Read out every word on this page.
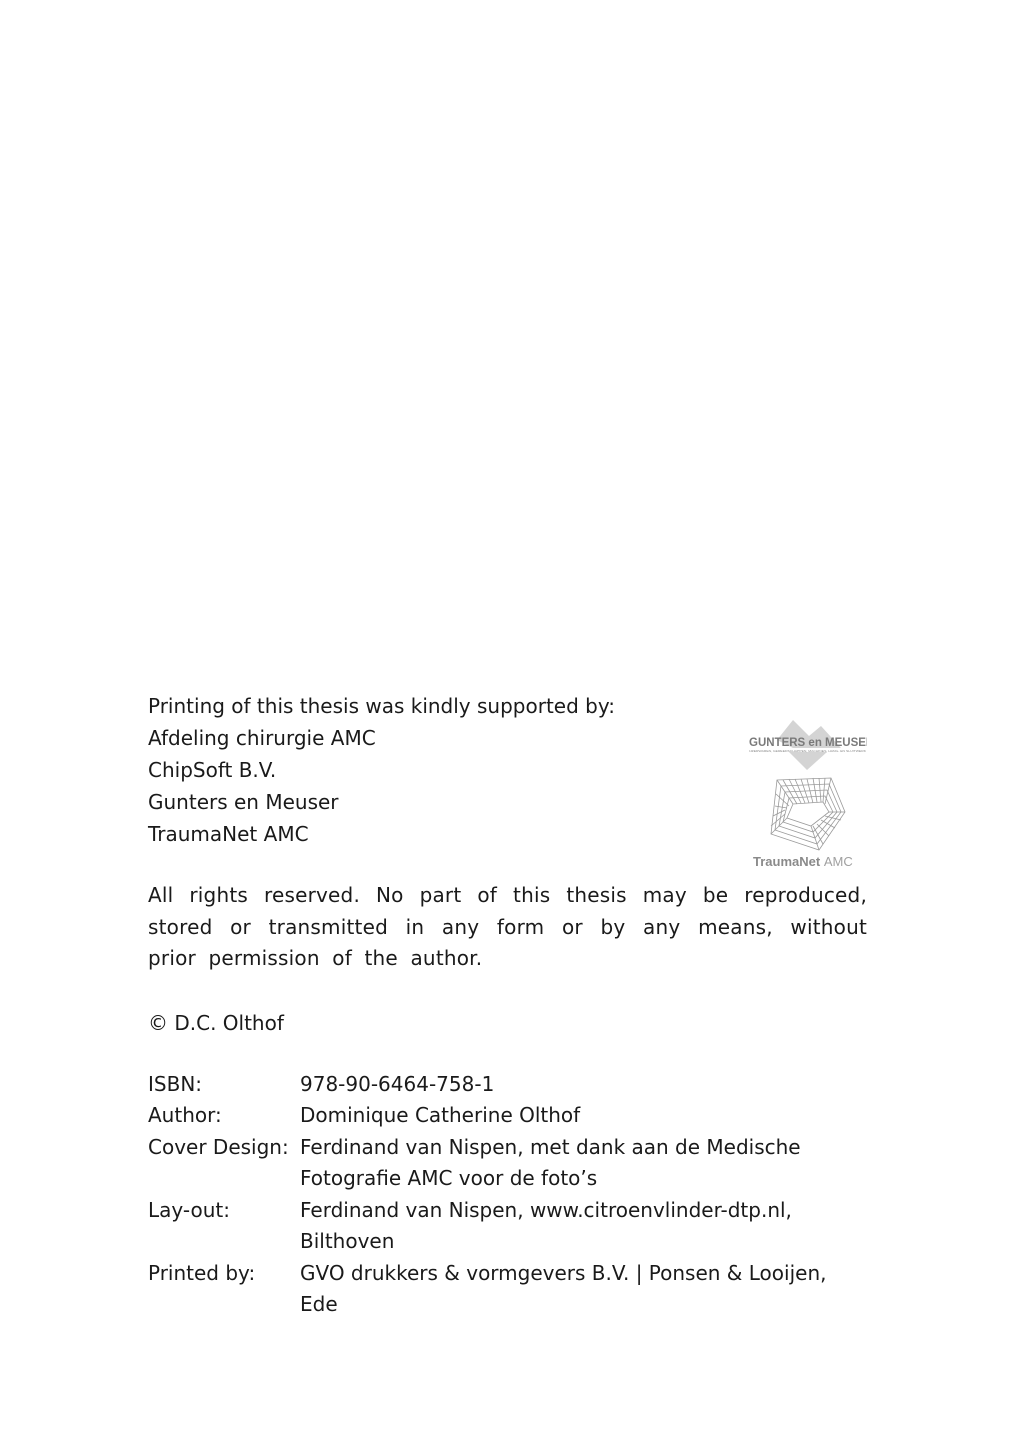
Printing of this thesis was kindly supported by:

Afdeling chirurgie AMC

ChipSoft B.V.

Gunters en Meuser

TraumaNet AMC

GUNTERS en MEUSER
IJZERWAREN, GEREEDSCHAPPEN, MACHINES, HANG- EN SLUITWERK
TraumaNet AMC

All rights reserved. No part of this thesis may be reproduced, stored or transmitted in any form or by any means, without prior permission of the author.

© D.C. Olthof

ISBN:	978-90-6464-758-1
Author:	Dominique Catherine Olthof
Cover Design: Ferdinand van Nispen, met dank aan de Medische Fotografie AMC voor de foto’s
Lay-out:	Ferdinand van Nispen, www.citroenvlinder-dtp.nl, Bilthoven
Printed by:	GVO drukkers & vormgevers B.V. | Ponsen & Looijen, Ede
